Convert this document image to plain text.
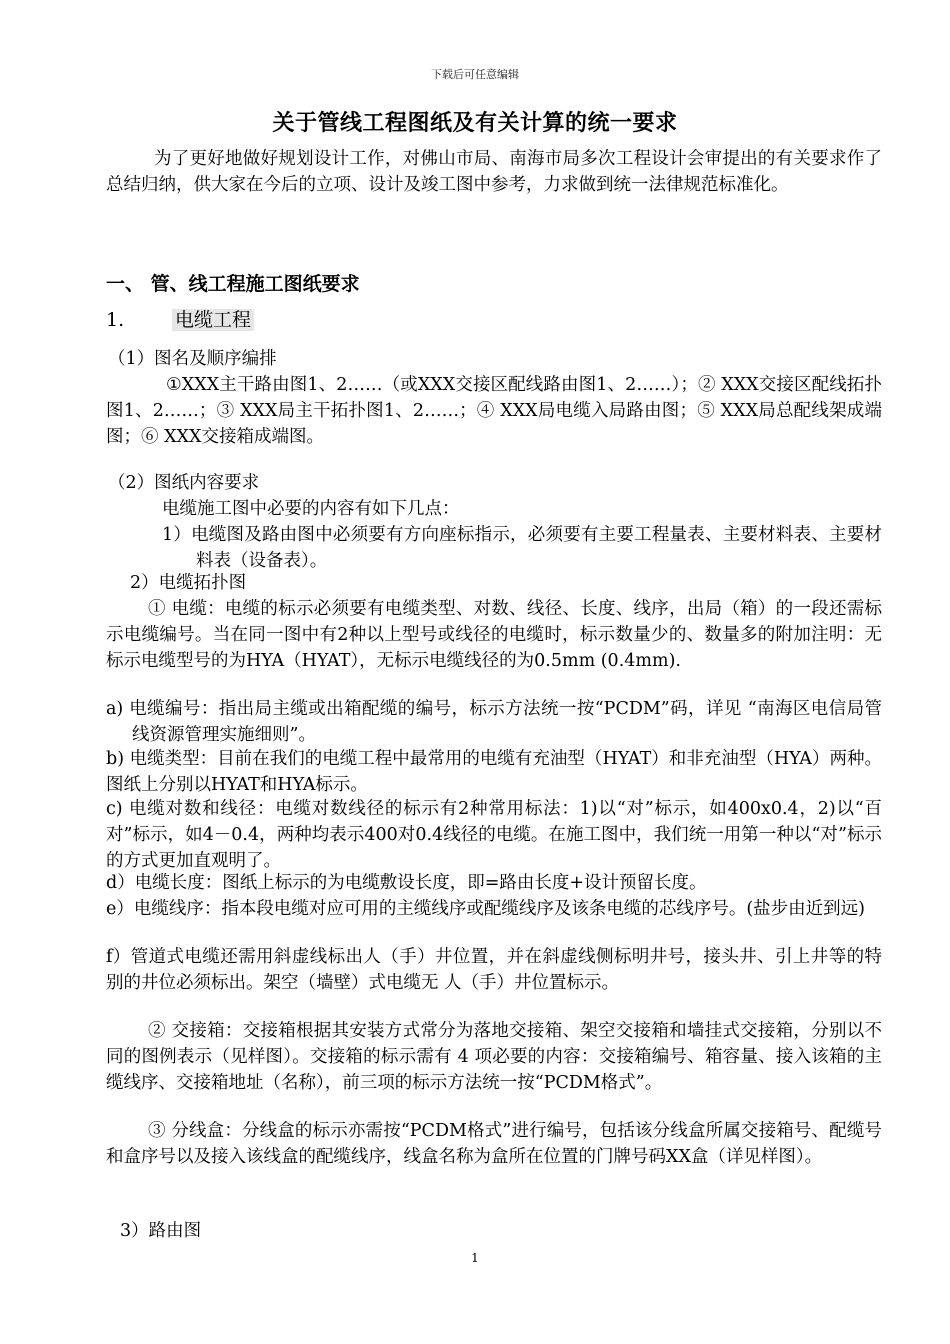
下载后可任意编辑
关于管线工程图纸及有关计算的统一要求

为了更好地做好规划设计工作，对佛山市局、南海市局多次工程设计会审提出的有关要求作了总结归纳，供大家在今后的立项、设计及竣工图中参考，力求做到统一法律规范标准化。

一、 管、线工程施工图纸要求

1.	电缆工程

（1）图名及顺序编排

①XXX主干路由图1、2……（或XXX交接区配线路由图1、2……）；② XXX交接区配线拓扑图1、2……；③ XXX局主干拓扑图1、2……；④ XXX局电缆入局路由图；⑤ XXX局总配线架成端图；⑥ XXX交接箱成端图。

（2）图纸内容要求

电缆施工图中必要的内容有如下几点：

1）电缆图及路由图中必须要有方向座标指示，必须要有主要工程量表、主要材料表、主要材料表（设备表）。

2）电缆拓扑图

① 电缆：电缆的标示必须要有电缆类型、对数、线径、长度、线序，出局（箱）的一段还需标示电缆编号。当在同一图中有2种以上型号或线径的电缆时，标示数量少的、数量多的附加注明：无标示电缆型号的为HYA（HYAT），无标示电缆线径的为0.5mm (0.4mm).

a) 电缆编号：指出局主缆或出箱配缆的编号，标示方法统一按“PCDM”码，详见 “南海区电信局管线资源管理实施细则”。

b) 电缆类型：目前在我们的电缆工程中最常用的电缆有充油型（HYAT）和非充油型（HYA）两种。图纸上分别以HYAT和HYA标示。

c) 电缆对数和线径：电缆对数线径的标示有2种常用标法：1)以“对”标示，如400x0.4，2)以“百对”标示，如4－0.4，两种均表示400对0.4线径的电缆。在施工图中，我们统一用第一种以“对”标示的方式更加直观明了。

d）电缆长度：图纸上标示的为电缆敷设长度，即=路由长度+设计预留长度。

e）电缆线序：指本段电缆对应可用的主缆线序或配缆线序及该条电缆的芯线序号。(盐步由近到远)

f）管道式电缆还需用斜虚线标出人（手）井位置，并在斜虚线侧标明井号，接头井、引上井等的特别的井位必须标出。架空（墙壁）式电缆无 人（手）井位置标示。

② 交接箱：交接箱根据其安装方式常分为落地交接箱、架空交接箱和墙挂式交接箱，分别以不同的图例表示（见样图）。交接箱的标示需有 4 项必要的内容：交接箱编号、箱容量、接入该箱的主缆线序、交接箱地址（名称），前三项的标示方法统一按“PCDM格式”。

③ 分线盒：分线盒的标示亦需按“PCDM格式”进行编号，包括该分线盒所属交接箱号、配缆号和盒序号以及接入该线盒的配缆线序，线盒名称为盒所在位置的门牌号码XX盒（详见样图）。

3）路由图

1
